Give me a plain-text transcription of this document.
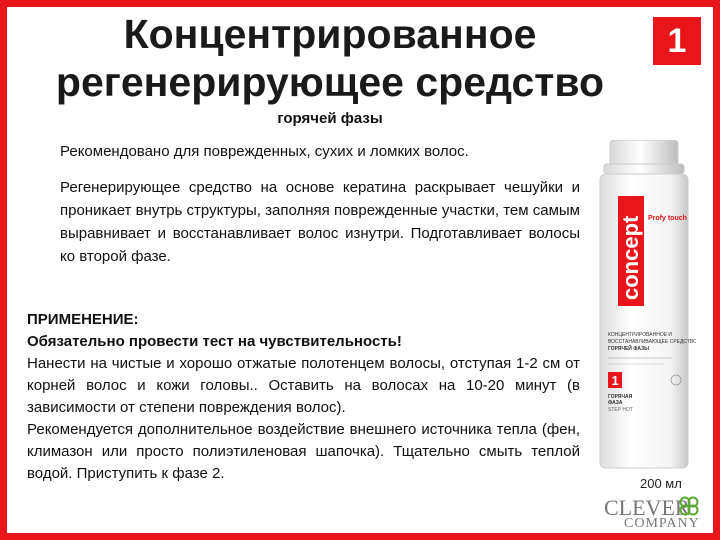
Концентрированное
регенерирующее средство
горячей фазы
1
Рекомендовано для поврежденных, сухих и ломких волос.
Регенерирующее средство на основе кератина раскрывает чешуйки и проникает внутрь структуры, заполняя поврежденные участки, тем самым выравнивает и восстанавливает волос изнутри. Подготавливает волосы ко второй фазе.
ПРИМЕНЕНИЕ:
Обязательно провести тест на чувствительность!
Нанести на чистые и хорошо отжатые полотенцем волосы, отступая 1-2 см от корней волос и кожи головы.. Оставить на волосах на 10-20 минут (в зависимости от степени повреждения волос).
Рекомендуется дополнительное воздействие внешнего источника тепла (фен, климазон или просто полиэтиленовая шапочка). Тщательно смыть теплой водой. Приступить к фазе 2.
concept Profy touch
КОНЦЕНТРИРОВАННОЕ И
ВОССТАНАВЛИВАЮЩЕЕ СРЕДСТВО
ГОРЯЧЕЙ ФАЗЫ
1
ГОРЯЧАЯ
ФАЗА
STEP HOT
200 мл
CLEVER
COMPANY
